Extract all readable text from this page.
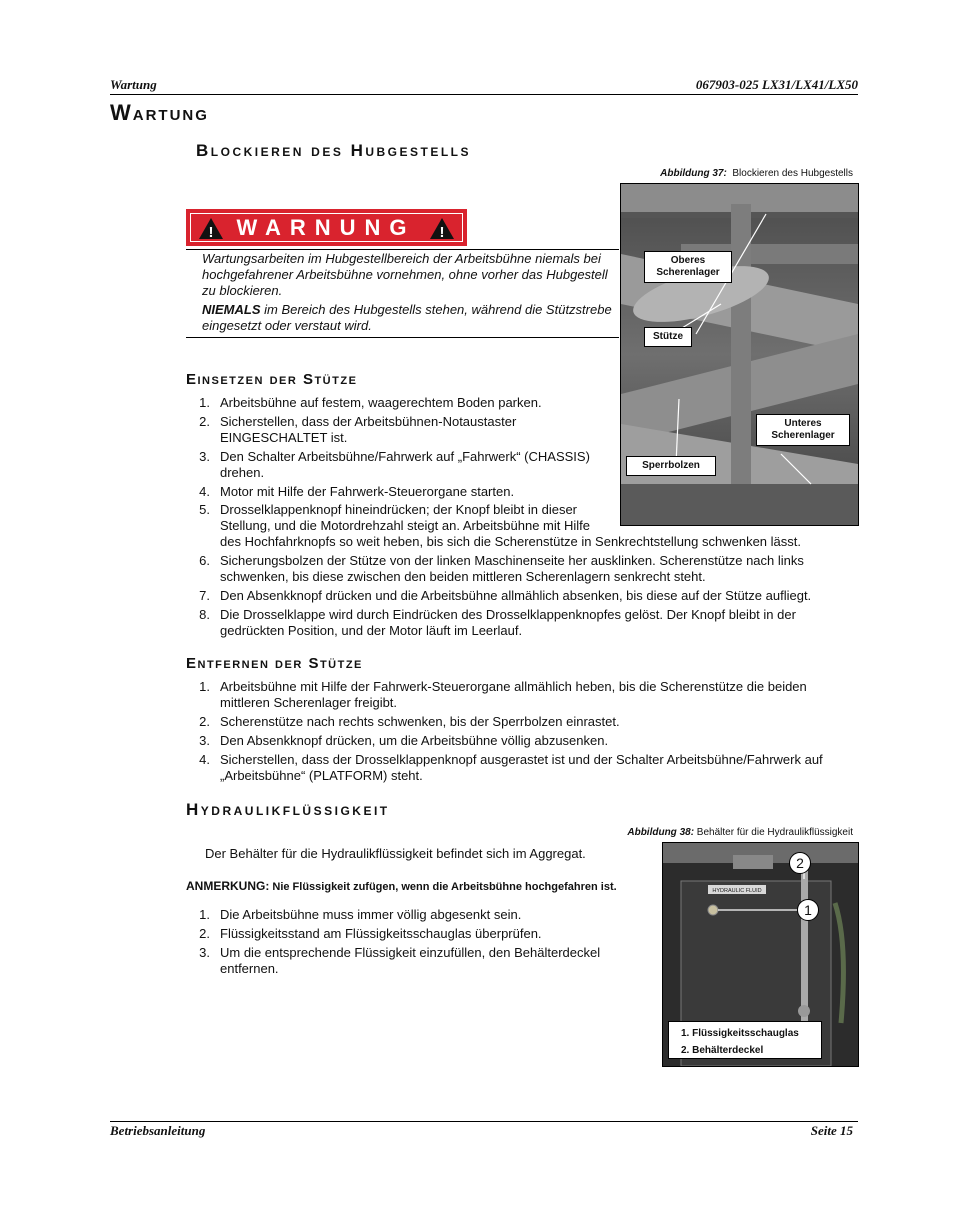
Wartung	067903-025 LX31/LX41/LX50
Wartung
Blockieren des Hubgestells
Abbildung 37: Blockieren des Hubgestells
Oberes
Scherenlager
Stütze
Unteres
Scherenlager
Sperrbolzen
!	WARNUNG	!
Wartungsarbeiten im Hubgestellbereich der Arbeitsbühne niemals bei hochgefahrener Arbeitsbühne vornehmen, ohne vorher das Hubgestell zu blockieren.
NIEMALS im Bereich des Hubgestells stehen, während die Stützstrebe eingesetzt oder verstaut wird.
Einsetzen der Stütze
1. Arbeitsbühne auf festem, waagerechtem Boden parken.
2. Sicherstellen, dass der Arbeitsbühnen-Notaustaster EINGESCHALTET ist.
3. Den Schalter Arbeitsbühne/Fahrwerk auf „Fahrwerk“ (CHASSIS) drehen.
4. Motor mit Hilfe der Fahrwerk-Steuerorgane starten.
5. Drosselklappenknopf hineindrücken; der Knopf bleibt in dieser Stellung, und die Motordrehzahl steigt an. Arbeitsbühne mit Hilfe
des Hochfahrknopfs so weit heben, bis sich die Scherenstütze in Senkrechtstellung schwenken lässt.
6. Sicherungsbolzen der Stütze von der linken Maschinenseite her ausklinken. Scherenstütze nach links schwenken, bis diese zwischen den beiden mittleren Scherenlagern senkrecht steht.
7. Den Absenkknopf drücken und die Arbeitsbühne allmählich absenken, bis diese auf der Stütze aufliegt.
8. Die Drosselklappe wird durch Eindrücken des Drosselklappenknopfes gelöst. Der Knopf bleibt in der gedrückten Position, und der Motor läuft im Leerlauf.
Entfernen der Stütze
1. Arbeitsbühne mit Hilfe der Fahrwerk-Steuerorgane allmählich heben, bis die Scherenstütze die beiden mittleren Scherenlager freigibt.
2. Scherenstütze nach rechts schwenken, bis der Sperrbolzen einrastet.
3. Den Absenkknopf drücken, um die Arbeitsbühne völlig abzusenken.
4. Sicherstellen, dass der Drosselklappenknopf ausgerastet ist und der Schalter Arbeitsbühne/Fahrwerk auf „Arbeitsbühne“ (PLATFORM) steht.
Hydraulikflüssigkeit
Abbildung 38: Behälter für die Hydraulikflüssigkeit
Der Behälter für die Hydraulikflüssigkeit befindet sich im Aggregat.
ANMERKUNG: Nie Flüssigkeit zufügen, wenn die Arbeitsbühne hochgefahren ist.
1. Die Arbeitsbühne muss immer völlig abgesenkt sein.
2. Flüssigkeitsstand am Flüssigkeitsschauglas überprüfen.
3. Um die entsprechende Flüssigkeit einzufüllen, den Behälterdeckel entfernen.
HYDRAULIC FLUID
2
1
1. Flüssigkeitsschauglas
2. Behälterdeckel
Betriebsanleitung	Seite 15
